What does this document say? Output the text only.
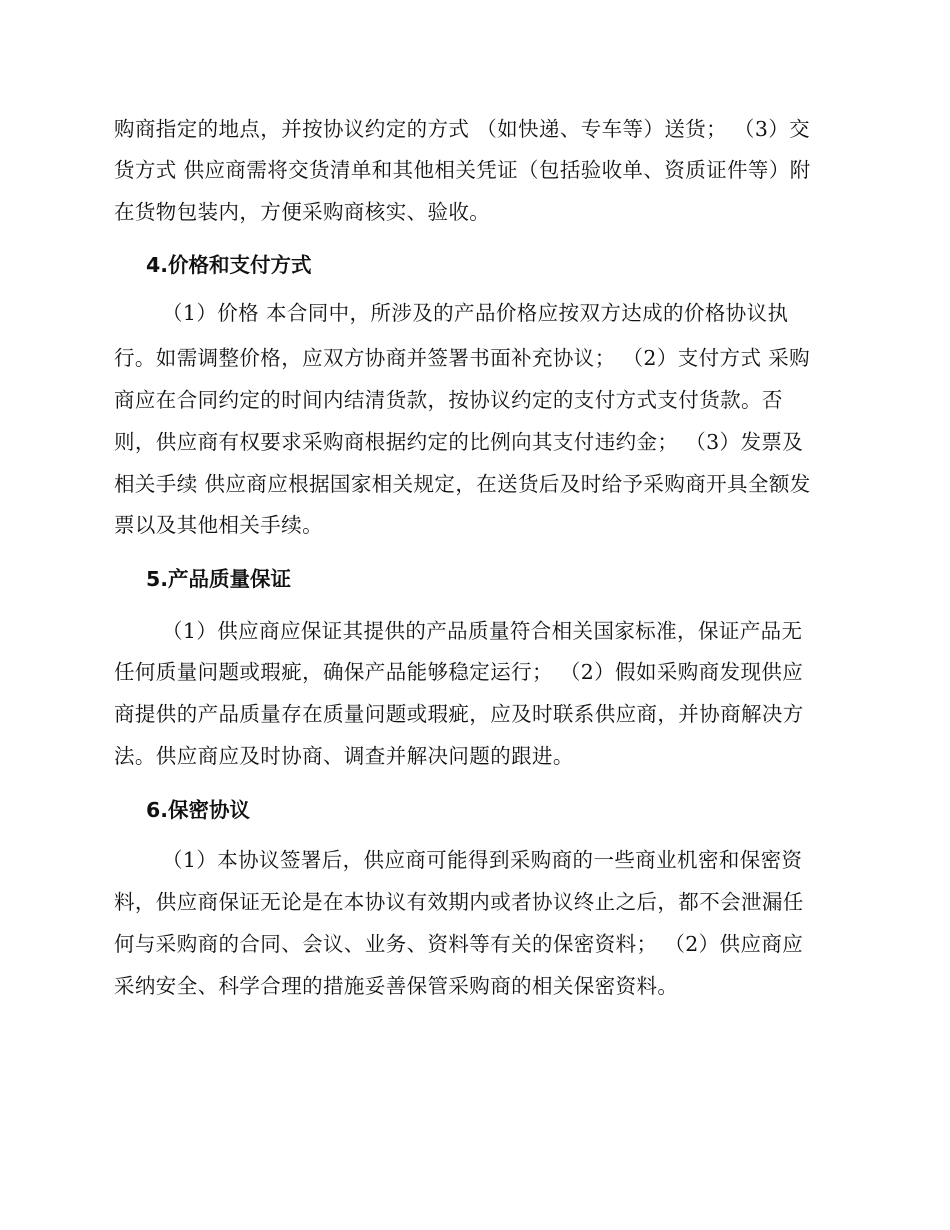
购商指定的地点，并按协议约定的方式 （如快递、专车等）送货； （3）交
货方式 供应商需将交货清单和其他相关凭证（包括验收单、资质证件等）附
在货物包装内，方便采购商核实、验收。
4.价格和支付方式
（1）价格 本合同中，所涉及的产品价格应按双方达成的价格协议执
行。如需调整价格，应双方协商并签署书面补充协议； （2）支付方式 采购
商应在合同约定的时间内结清货款，按协议约定的支付方式支付货款。否
则，供应商有权要求采购商根据约定的比例向其支付违约金； （3）发票及
相关手续 供应商应根据国家相关规定，在送货后及时给予采购商开具全额发
票以及其他相关手续。
5.产品质量保证
（1）供应商应保证其提供的产品质量符合相关国家标准，保证产品无
任何质量问题或瑕疵，确保产品能够稳定运行； （2）假如采购商发现供应
商提供的产品质量存在质量问题或瑕疵，应及时联系供应商，并协商解决方
法。供应商应及时协商、调查并解决问题的跟进。
6.保密协议
（1）本协议签署后，供应商可能得到采购商的一些商业机密和保密资
料，供应商保证无论是在本协议有效期内或者协议终止之后，都不会泄漏任
何与采购商的合同、会议、业务、资料等有关的保密资料； （2）供应商应
采纳安全、科学合理的措施妥善保管采购商的相关保密资料。
